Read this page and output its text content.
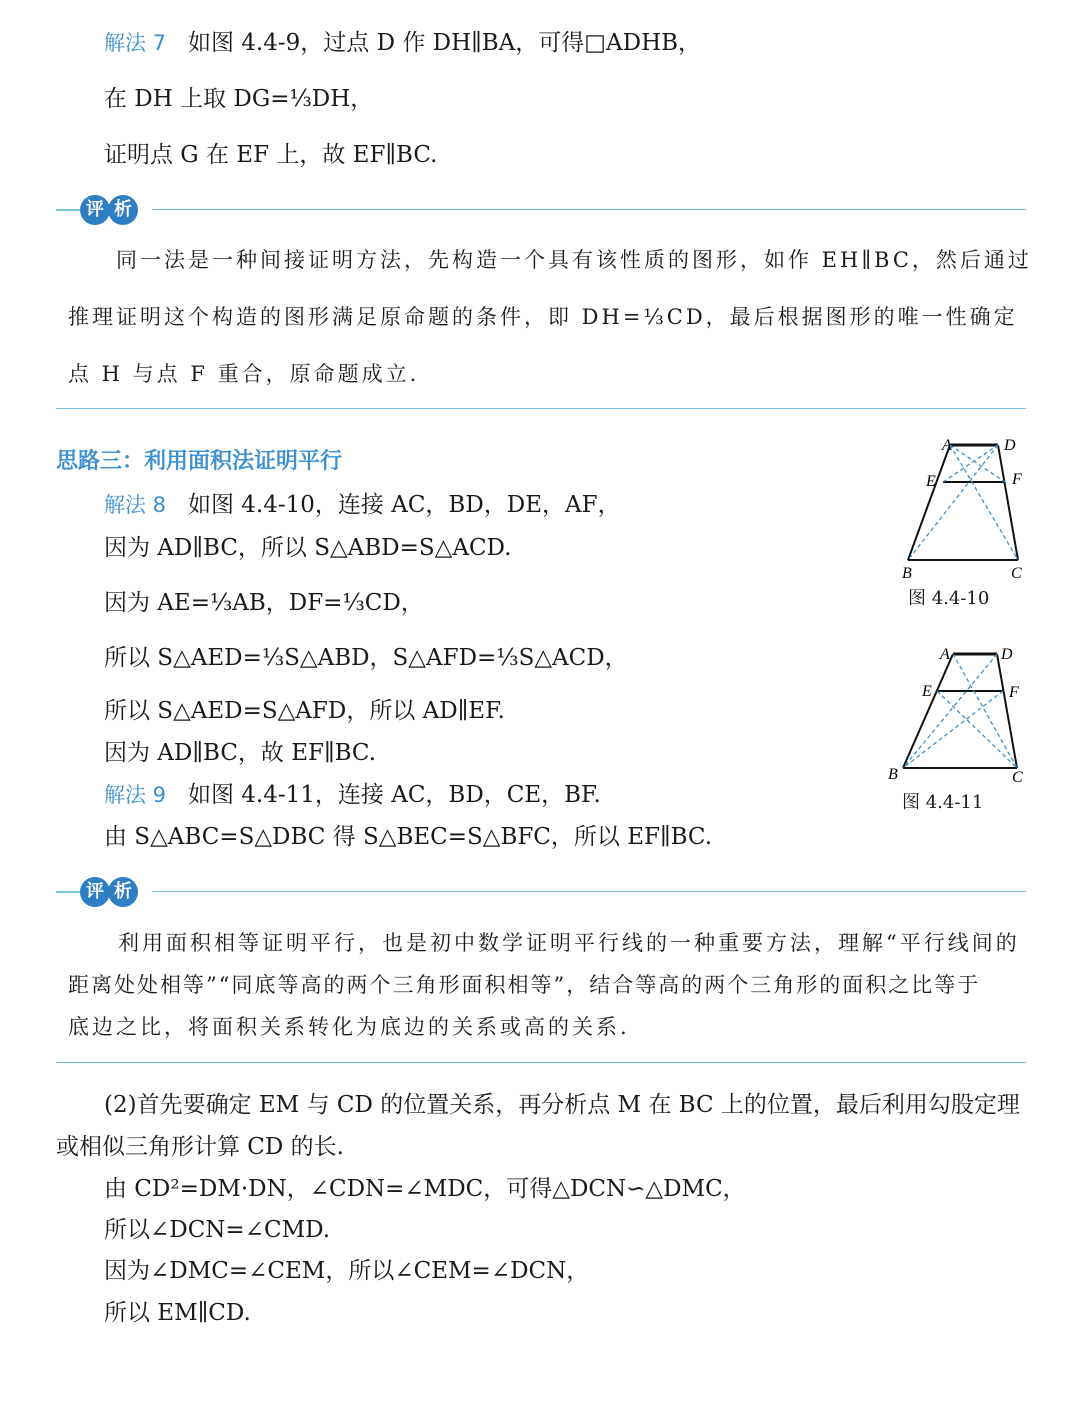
解法 7 如图 4.4-9，过点 D 作 DH∥BA，可得□ADHB，
在 DH 上取 DG=⅓DH，
证明点 G 在 EF 上，故 EF∥BC.
评 析
同一法是一种间接证明方法，先构造一个具有该性质的图形，如作 EH∥BC，然后通过
推理证明这个构造的图形满足原命题的条件，即 DH=⅓CD，最后根据图形的唯一性确定
点 H 与点 F 重合，原命题成立.
思路三：利用面积法证明平行
解法 8 如图 4.4-10，连接 AC，BD，DE，AF，
因为 AD∥BC，所以 S△ABD=S△ACD.
因为 AE=⅓AB，DF=⅓CD，
所以 S△AED=⅓S△ABD，S△AFD=⅓S△ACD，
所以 S△AED=S△AFD，所以 AD∥EF.
因为 AD∥BC，故 EF∥BC.
解法 9 如图 4.4-11，连接 AC，BD，CE，BF.
由 S△ABC=S△DBC 得 S△BEC=S△BFC，所以 EF∥BC.
A	D
E	F
B	C
图 4.4-10
A	D
E	F
B	C
图 4.4-11
评 析
利用面积相等证明平行，也是初中数学证明平行线的一种重要方法，理解“平行线间的
距离处处相等”“同底等高的两个三角形面积相等”，结合等高的两个三角形的面积之比等于
底边之比，将面积关系转化为底边的关系或高的关系.
(2)首先要确定 EM 与 CD 的位置关系，再分析点 M 在 BC 上的位置，最后利用勾股定理
或相似三角形计算 CD 的长.
由 CD²=DM·DN，∠CDN=∠MDC，可得△DCN∽△DMC，
所以∠DCN=∠CMD.
因为∠DMC=∠CEM，所以∠CEM=∠DCN，
所以 EM∥CD.
